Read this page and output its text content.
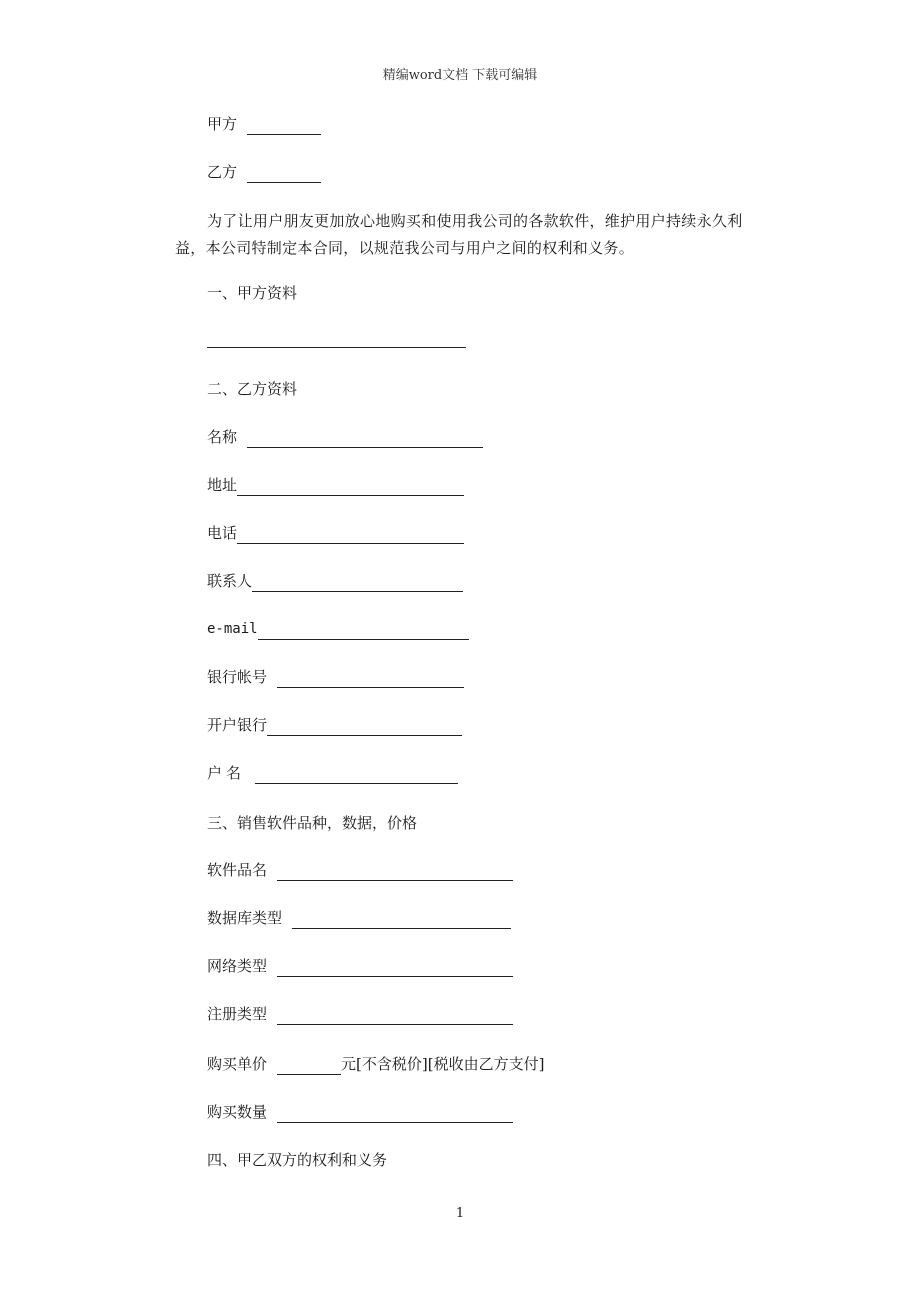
精编word文档 下载可编辑
甲方
乙方
为了让用户朋友更加放心地购买和使用我公司的各款软件，维护用户持续永久利益，本公司特制定本合同，以规范我公司与用户之间的权利和义务。
一、甲方资料
二、乙方资料
名称
地址
电话
联系人
e-mail
银行帐号
开户银行
户名
三、销售软件品种，数据，价格
软件品名
数据库类型
网络类型
注册类型
购买单价	元[不含税价][税收由乙方支付]
购买数量
四、甲乙双方的权利和义务
1
